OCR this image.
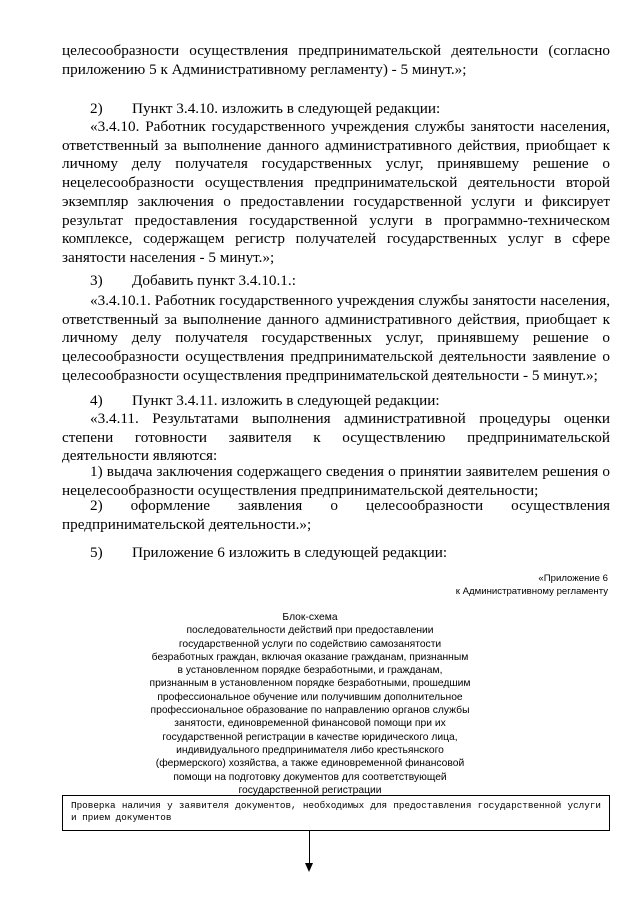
целесообразности осуществления предпринимательской деятельности (согласно приложению 5 к Административному регламенту) - 5 минут.»;

2) Пункт 3.4.10. изложить в следующей редакции:

«3.4.10. Работник государственного учреждения службы занятости населения, ответственный за выполнение данного административного действия, приобщает к личному делу получателя государственных услуг, принявшему решение о нецелесообразности осуществления предпринимательской деятельности второй экземпляр заключения о предоставлении государственной услуги и фиксирует результат предоставления государственной услуги в программно-техническом комплексе, содержащем регистр получателей государственных услуг в сфере занятости населения - 5 минут.»;

3) Добавить пункт 3.4.10.1.:

«3.4.10.1. Работник государственного учреждения службы занятости населения, ответственный за выполнение данного административного действия, приобщает к личному делу получателя государственных услуг, принявшему решение о целесообразности осуществления предпринимательской деятельности заявление о целесообразности осуществления предпринимательской деятельности - 5 минут.»;

4) Пункт 3.4.11. изложить в следующей редакции:

«3.4.11. Результатами выполнения административной процедуры оценки степени готовности заявителя к осуществлению предпринимательской деятельности являются:

1) выдача заключения содержащего сведения о принятии заявителем решения о нецелесообразности осуществления предпринимательской деятельности;

2) оформление заявления о целесообразности осуществления предпринимательской деятельности.»;

5) Приложение 6 изложить в следующей редакции:
«Приложение 6
к Административному регламенту
Блок-схема
последовательности действий при предоставлении
государственной услуги по содействию самозанятости
безработных граждан, включая оказание гражданам, признанным
в установленном порядке безработными, и гражданам,
признанным в установленном порядке безработными, прошедшим
профессиональное обучение или получившим дополнительное
профессиональное образование по направлению органов службы
занятости, единовременной финансовой помощи при их
государственной регистрации в качестве юридического лица,
индивидуального предпринимателя либо крестьянского
(фермерского) хозяйства, а также единовременной финансовой
помощи на подготовку документов для соответствующей
государственной регистрации
Проверка наличия у заявителя документов, необходимых для предоставления государственной услуги и прием документов
